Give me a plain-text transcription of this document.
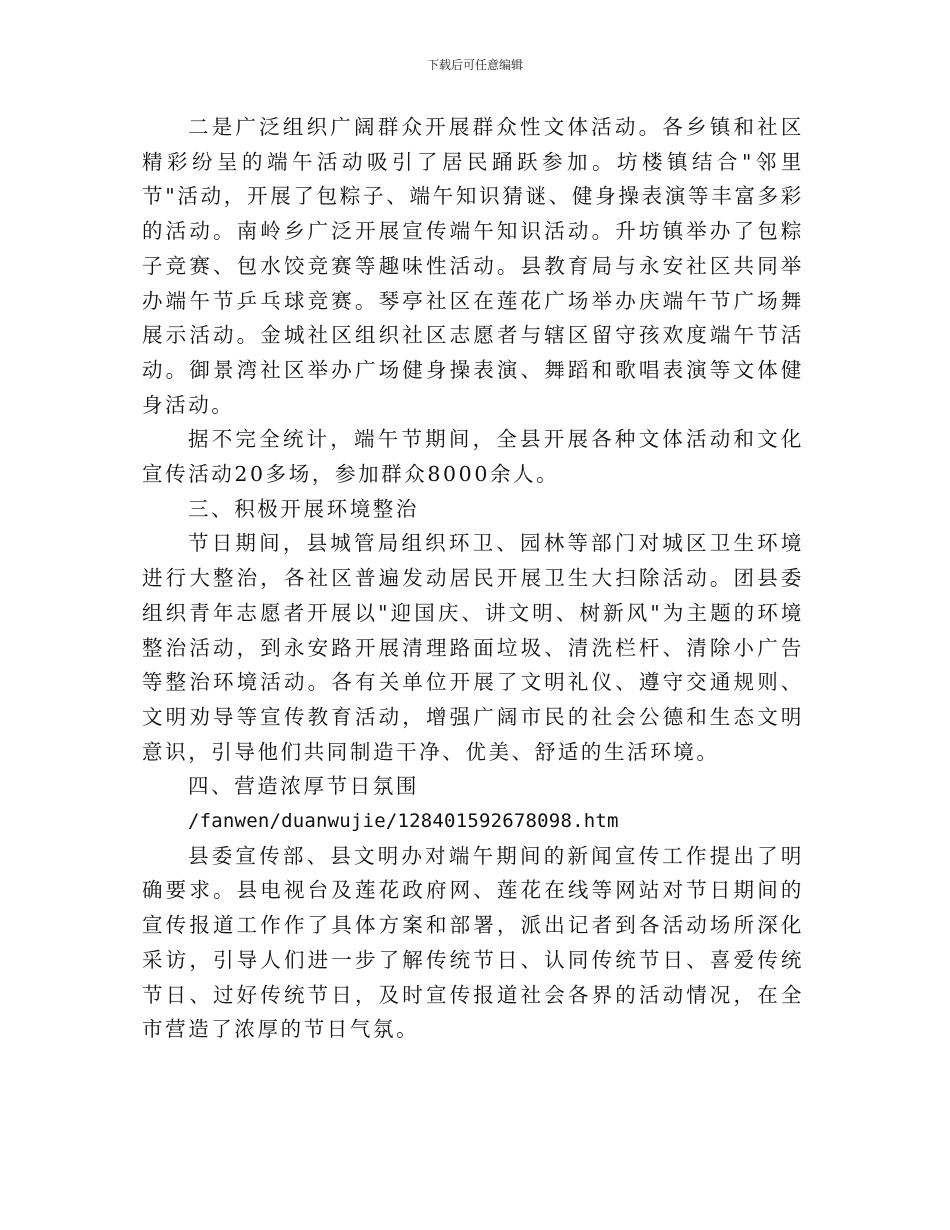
下载后可任意编辑

二是广泛组织广阔群众开展群众性文体活动。各乡镇和社区精彩纷呈的端午活动吸引了居民踊跃参加。坊楼镇结合"邻里节"活动，开展了包粽子、端午知识猜谜、健身操表演等丰富多彩的活动。南岭乡广泛开展宣传端午知识活动。升坊镇举办了包粽子竞赛、包水饺竞赛等趣味性活动。县教育局与永安社区共同举办端午节乒乓球竞赛。琴亭社区在莲花广场举办庆端午节广场舞展示活动。金城社区组织社区志愿者与辖区留守孩欢度端午节活动。御景湾社区举办广场健身操表演、舞蹈和歌唱表演等文体健身活动。

据不完全统计，端午节期间，全县开展各种文体活动和文化宣传活动20多场，参加群众8000余人。

三、积极开展环境整治

节日期间，县城管局组织环卫、园林等部门对城区卫生环境进行大整治，各社区普遍发动居民开展卫生大扫除活动。团县委组织青年志愿者开展以"迎国庆、讲文明、树新风"为主题的环境整治活动，到永安路开展清理路面垃圾、清洗栏杆、清除小广告等整治环境活动。各有关单位开展了文明礼仪、遵守交通规则、文明劝导等宣传教育活动，增强广阔市民的社会公德和生态文明意识，引导他们共同制造干净、优美、舒适的生活环境。

四、营造浓厚节日氛围

/fanwen/duanwujie/128401592678098.htm

县委宣传部、县文明办对端午期间的新闻宣传工作提出了明确要求。县电视台及莲花政府网、莲花在线等网站对节日期间的宣传报道工作作了具体方案和部署，派出记者到各活动场所深化采访，引导人们进一步了解传统节日、认同传统节日、喜爱传统节日、过好传统节日，及时宣传报道社会各界的活动情况，在全市营造了浓厚的节日气氛。
